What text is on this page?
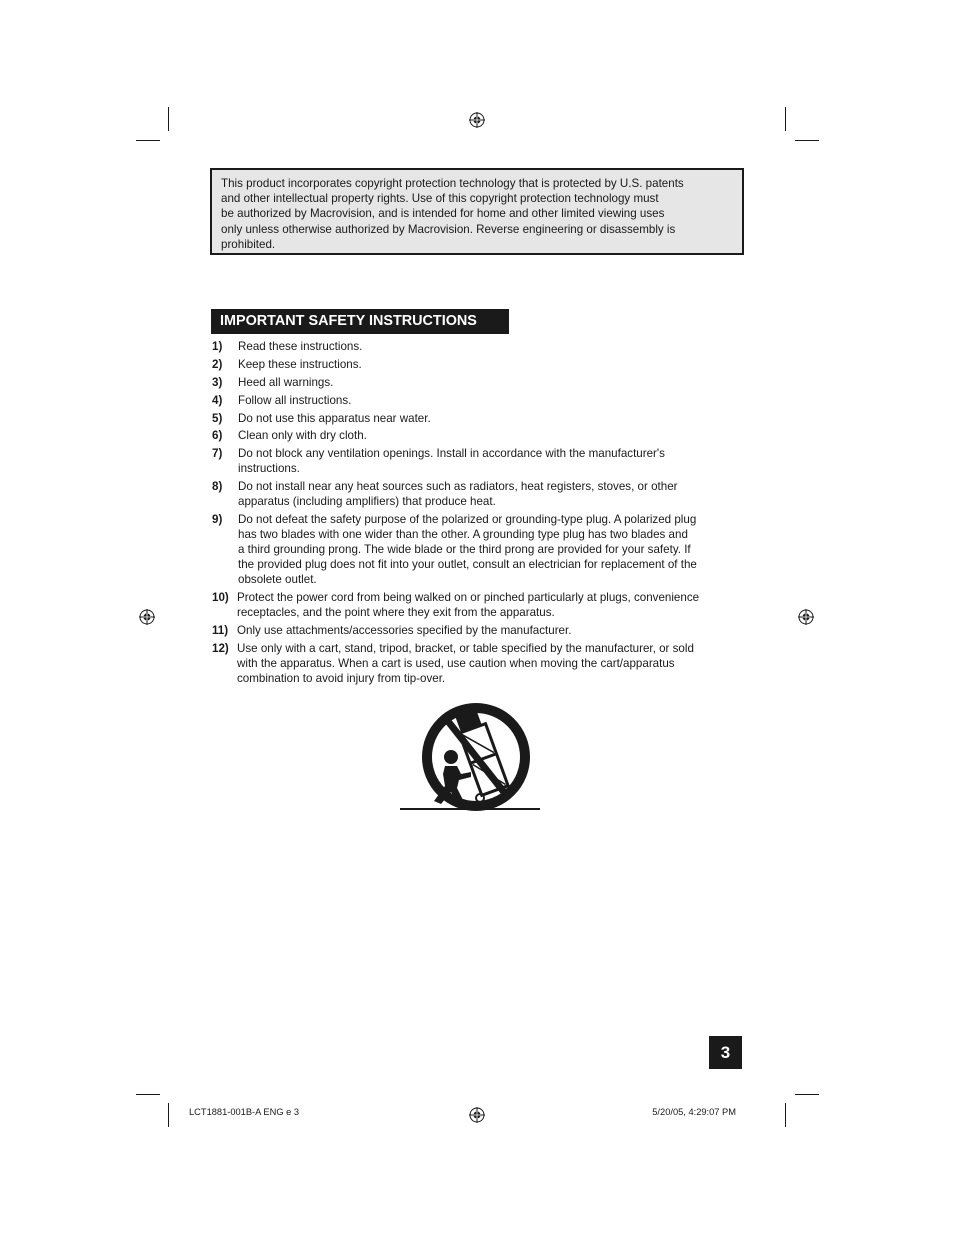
This product incorporates copyright protection technology that is protected by U.S. patents
and other intellectual property rights. Use of this copyright protection technology must
be authorized by Macrovision, and is intended for home and other limited viewing uses
only unless otherwise authorized by Macrovision. Reverse engineering or disassembly is
prohibited.
IMPORTANT SAFETY INSTRUCTIONS
1)	Read these instructions.
2)	Keep these instructions.
3)	Heed all warnings.
4)	Follow all instructions.
5)	Do not use this apparatus near water.
6)	Clean only with dry cloth.
7) Do not block any ventilation openings. Install in accordance with the manufacturer's
instructions.
8) Do not install near any heat sources such as radiators, heat registers, stoves, or other
apparatus (including amplifiers) that produce heat.
9) Do not defeat the safety purpose of the polarized or grounding-type plug. A polarized plug
has two blades with one wider than the other. A grounding type plug has two blades and
a third grounding prong. The wide blade or the third prong are provided for your safety. If
the provided plug does not fit into your outlet, consult an electrician for replacement of the
obsolete outlet.
10) Protect the power cord from being walked on or pinched particularly at plugs, convenience
receptacles, and the point where they exit from the apparatus.
11) Only use attachments/accessories specified by the manufacturer.
12) Use only with a cart, stand, tripod, bracket, or table specified by the manufacturer, or sold
with the apparatus. When a cart is used, use caution when moving the cart/apparatus
combination to avoid injury from tip-over.
3
LCT1881-001B-A ENG e 3	5/20/05, 4:29:07 PM
